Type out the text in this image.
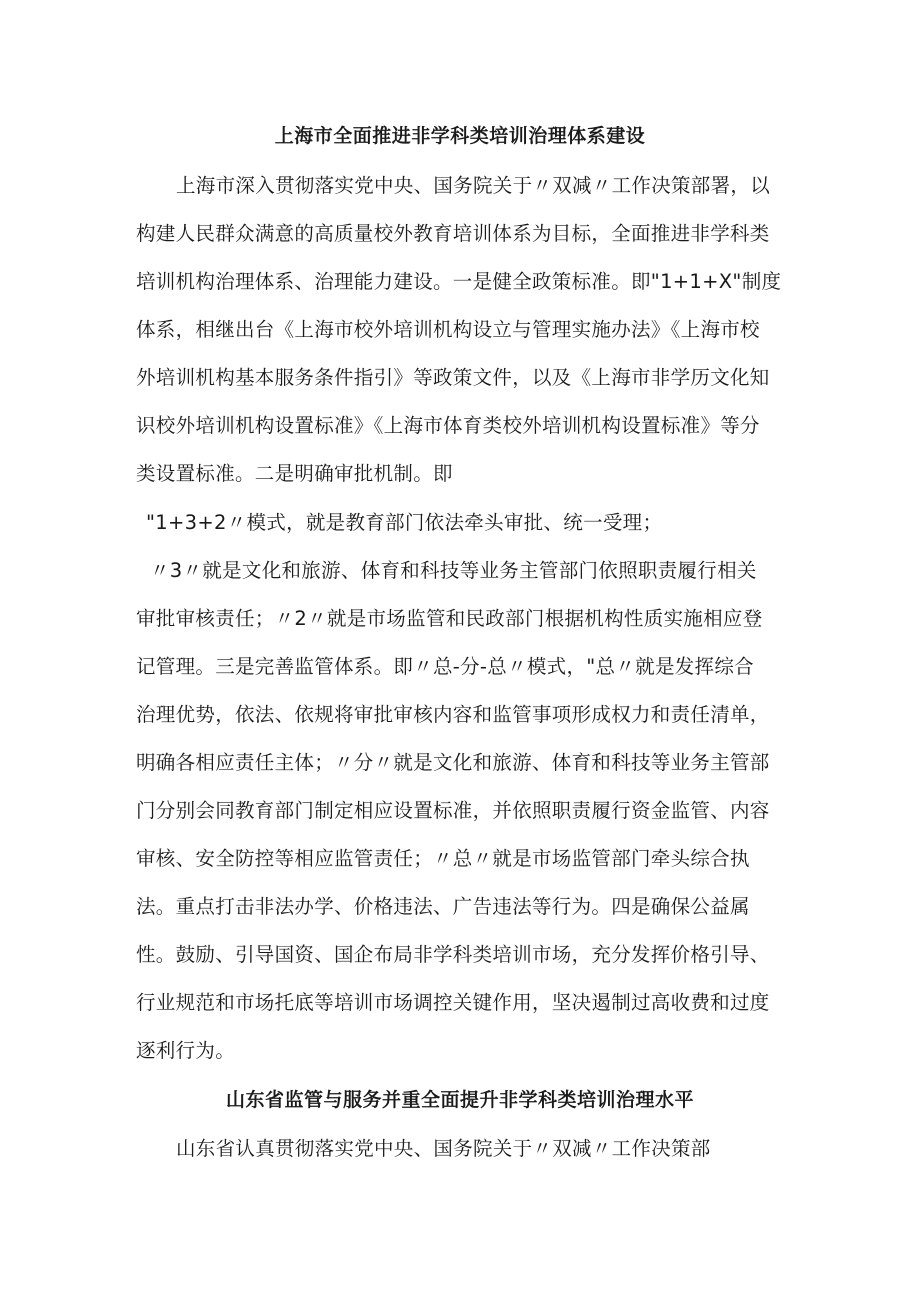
上海市全面推进非学科类培训治理体系建设
上海市深入贯彻落实党中央、国务院关于〃双减〃工作决策部署，以
构建人民群众满意的高质量校外教育培训体系为目标，全面推进非学科类
培训机构治理体系、治理能力建设。一是健全政策标准。即"1+1+X"制度
体系，相继出台《上海市校外培训机构设立与管理实施办法》《上海市校
外培训机构基本服务条件指引》等政策文件，以及《上海市非学历文化知
识校外培训机构设置标准》《上海市体育类校外培训机构设置标准》等分
类设置标准。二是明确审批机制。即
"1+3+2〃模式，就是教育部门依法牵头审批、统一受理；
〃3〃就是文化和旅游、体育和科技等业务主管部门依照职责履行相关
审批审核责任；〃2〃就是市场监管和民政部门根据机构性质实施相应登
记管理。三是完善监管体系。即〃总-分-总〃模式，"总〃就是发挥综合
治理优势，依法、依规将审批审核内容和监管事项形成权力和责任清单，
明确各相应责任主体；〃分〃就是文化和旅游、体育和科技等业务主管部
门分别会同教育部门制定相应设置标准，并依照职责履行资金监管、内容
审核、安全防控等相应监管责任；〃总〃就是市场监管部门牵头综合执
法。重点打击非法办学、价格违法、广告违法等行为。四是确保公益属
性。鼓励、引导国资、国企布局非学科类培训市场，充分发挥价格引导、
行业规范和市场托底等培训市场调控关键作用，坚决遏制过高收费和过度
逐利行为。
山东省监管与服务并重全面提升非学科类培训治理水平
山东省认真贯彻落实党中央、国务院关于〃双减〃工作决策部
